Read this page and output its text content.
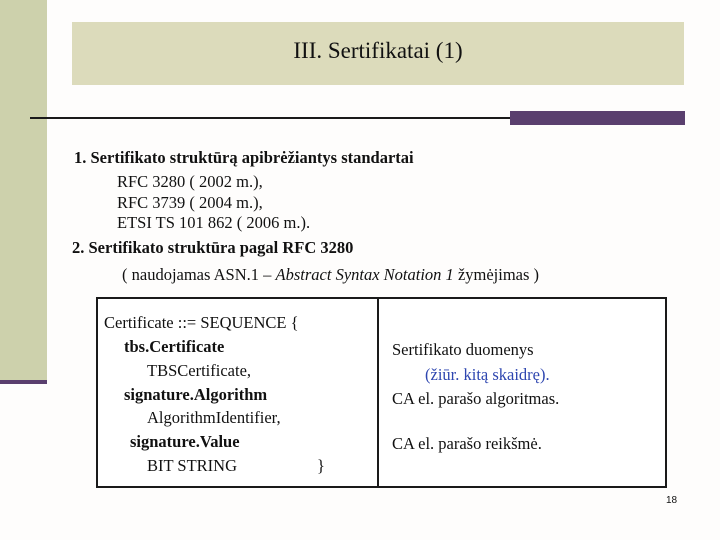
III. Sertifikatai (1)
1. Sertifikato struktūrą apibrėžiantys standartai
RFC 3280 ( 2002 m.),
RFC 3739 ( 2004 m.),
ETSI TS 101 862 ( 2006 m.).
2. Sertifikato struktūra pagal RFC 3280
( naudojamas ASN.1 – Abstract Syntax Notation 1 žymėjimas )
Certificate ::= SEQUENCE {
tbs.Certificate
TBSCertificate,
signature.Algorithm
AlgorithmIdentifier,
signature.Value
BIT STRING	}
Sertifikato duomenys
(žiūr. kitą skaidrę).
CA el. parašo algoritmas.
CA el. parašo reikšmė.
18
